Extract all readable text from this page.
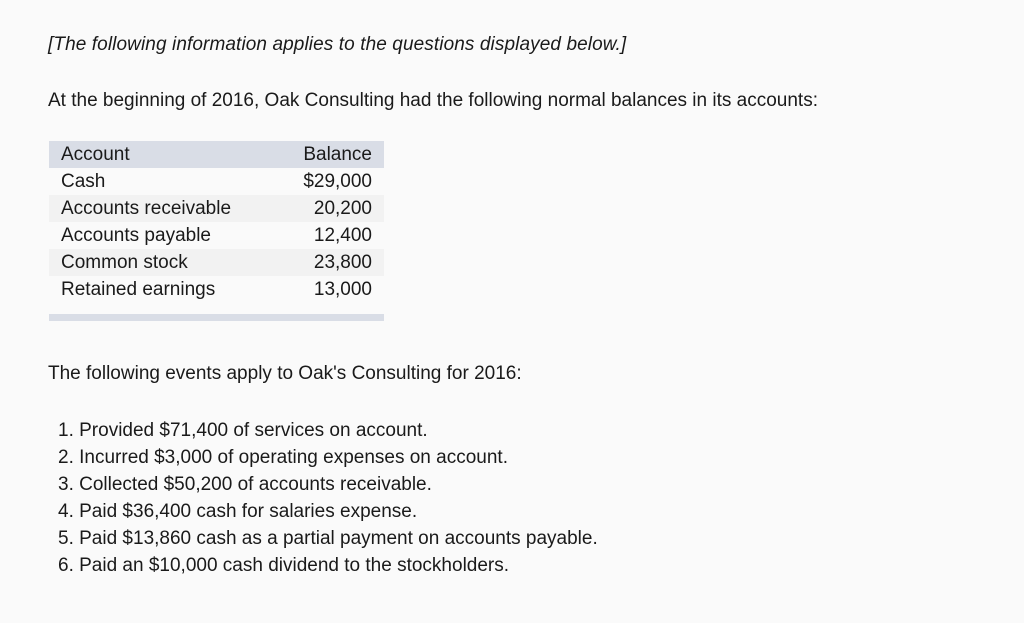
[The following information applies to the questions displayed below.]
At the beginning of 2016, Oak Consulting had the following normal balances in its accounts:
Account	Balance
Cash	$29,000
Accounts receivable	20,200
Accounts payable	12,400
Common stock	23,800
Retained earnings	13,000
The following events apply to Oak's Consulting for 2016:
1. Provided $71,400 of services on account.
2. Incurred $3,000 of operating expenses on account.
3. Collected $50,200 of accounts receivable.
4. Paid $36,400 cash for salaries expense.
5. Paid $13,860 cash as a partial payment on accounts payable.
6. Paid an $10,000 cash dividend to the stockholders.
